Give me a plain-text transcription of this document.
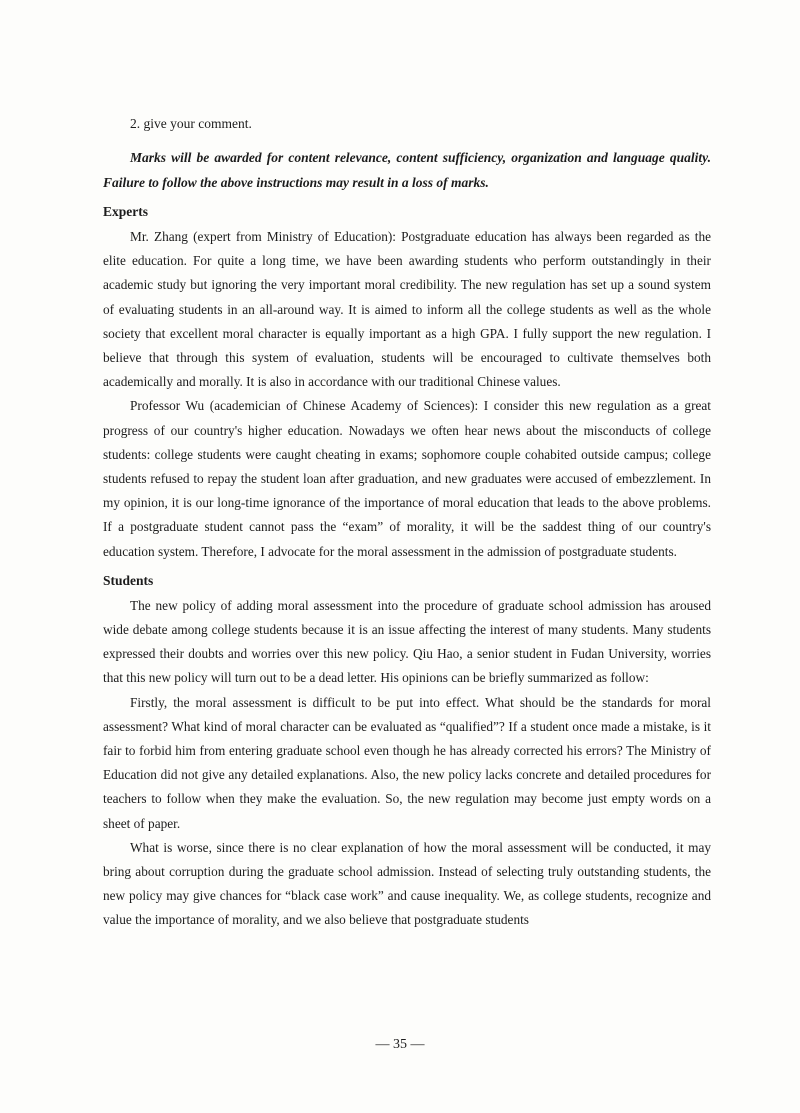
2. give your comment.

Marks will be awarded for content relevance, content sufficiency, organization and language quality. Failure to follow the above instructions may result in a loss of marks.

Experts

Mr. Zhang (expert from Ministry of Education): Postgraduate education has always been regarded as the elite education. For quite a long time, we have been awarding students who perform outstandingly in their academic study but ignoring the very important moral credibility. The new regulation has set up a sound system of evaluating students in an all-around way. It is aimed to inform all the college students as well as the whole society that excellent moral character is equally important as a high GPA. I fully support the new regulation. I believe that through this system of evaluation, students will be encouraged to cultivate themselves both academically and morally. It is also in accordance with our traditional Chinese values.

Professor Wu (academician of Chinese Academy of Sciences): I consider this new regulation as a great progress of our country's higher education. Nowadays we often hear news about the misconducts of college students: college students were caught cheating in exams; sophomore couple cohabited outside campus; college students refused to repay the student loan after graduation, and new graduates were accused of embezzlement. In my opinion, it is our long-time ignorance of the importance of moral education that leads to the above problems. If a postgraduate student cannot pass the “exam” of morality, it will be the saddest thing of our country's education system. Therefore, I advocate for the moral assessment in the admission of postgraduate students.

Students

The new policy of adding moral assessment into the procedure of graduate school admission has aroused wide debate among college students because it is an issue affecting the interest of many students. Many students expressed their doubts and worries over this new policy. Qiu Hao, a senior student in Fudan University, worries that this new policy will turn out to be a dead letter. His opinions can be briefly summarized as follow:

Firstly, the moral assessment is difficult to be put into effect. What should be the standards for moral assessment? What kind of moral character can be evaluated as “qualified”? If a student once made a mistake, is it fair to forbid him from entering graduate school even though he has already corrected his errors? The Ministry of Education did not give any detailed explanations. Also, the new policy lacks concrete and detailed procedures for teachers to follow when they make the evaluation. So, the new regulation may become just empty words on a sheet of paper.

What is worse, since there is no clear explanation of how the moral assessment will be conducted, it may bring about corruption during the graduate school admission. Instead of selecting truly outstanding students, the new policy may give chances for “black case work” and cause inequality. We, as college students, recognize and value the importance of morality, and we also believe that postgraduate students

— 35 —
